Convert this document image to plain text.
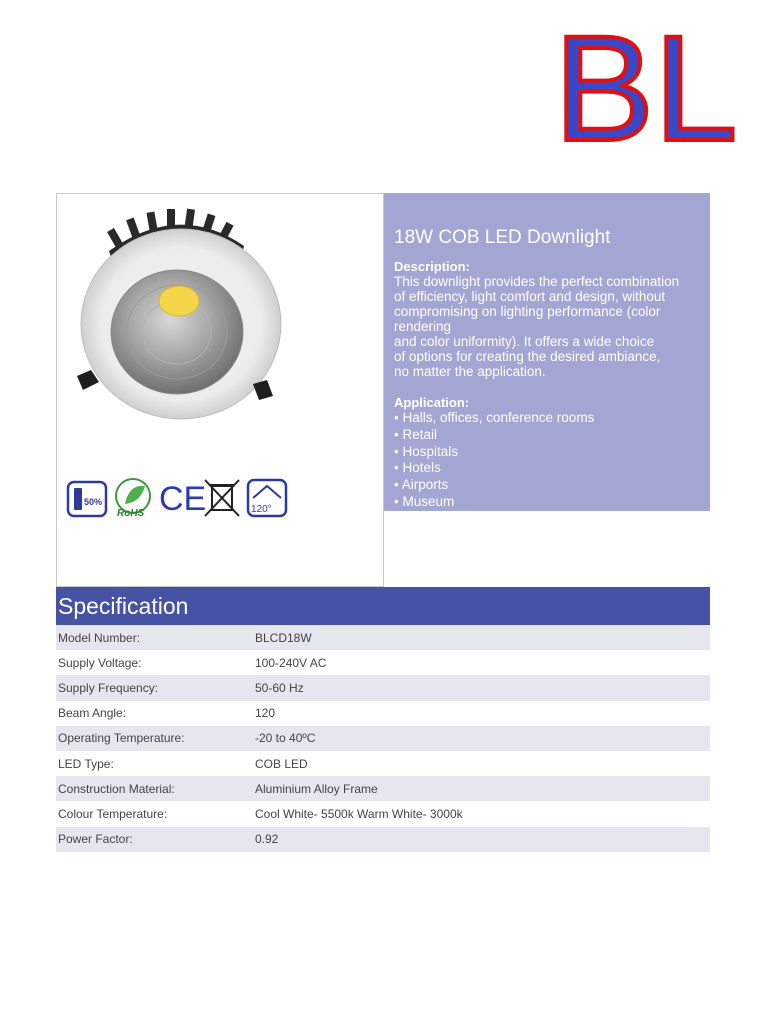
BL
50%
RoHS CE	120°
18W COB LED Downlight
Description:

This downlight provides the perfect combination

of efficiency, light comfort and design, without

compromising on lighting performance (color

rendering

and color uniformity). It offers a wide choice

of options for creating the desired ambiance,

no matter the application.

Application:
• Halls, offices, conference rooms
• Retail
• Hospitals
• Hotels
• Airports
• Museum
Specification
Model Number:	BLCD18W
Supply Voltage:	100-240V AC
Supply Frequency:	50-60 Hz
Beam Angle:	120
Operating Temperature:	-20 to 40ºC
LED Type:	COB LED
Construction Material:	Aluminium Alloy Frame
Colour Temperature:	Cool White- 5500k Warm White- 3000k
Power Factor:	0.92
